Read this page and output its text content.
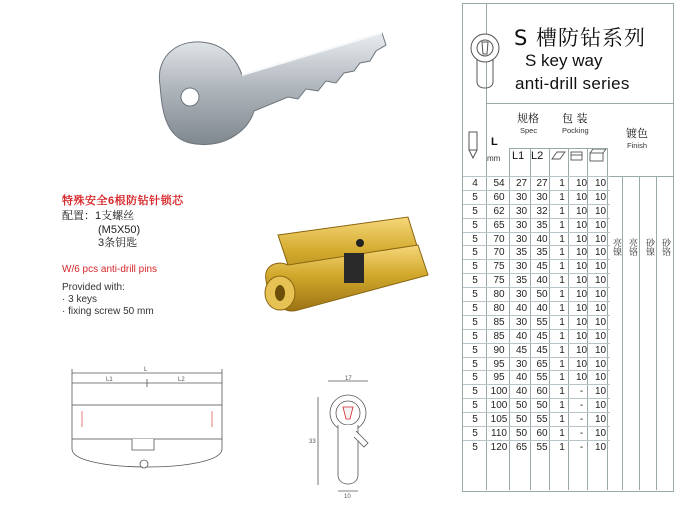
特殊安全6根防钻针锁芯
配置：1支螺丝
(M5X50)
3条钥匙
W/6 pcs anti-drill pins
Provided with:
· 3 keys
· fixing screw 50 mm
L
L1	L2	17
33
10
S 槽防钻系列
S key way
anti-drill series
L
mm
规格
Spec
L1 L2
包 装
Pocking	镀色
Finish
4	54	27	27	1	10	10
5	60	30	30	1	10	10
5	62	30	32	1	10	10
5	65	30	35	1	10	10
5	70	30	40	1	10	10
5	70	35	35	1	10	10
5	75	30	45	1	10	10
5	75	35	40	1	10	10
5	80	30	50	1	10	10
5	80	40	40	1	10	10
5	85	30	55	1	10	10
5	85	40	45	1	10	10
5	90	45	45	1	10	10
5	95	30	65	1	10	10
5	95	40	55	1	10	10
5	100	40	60	1	-	10
5	100	50	50	1	-	10
5	105	50	55	1	-	10
5	110	50	60	1	-	10
5	120	65	55	1	-	10
亮镍 亮铬 砂镍 砂铬
